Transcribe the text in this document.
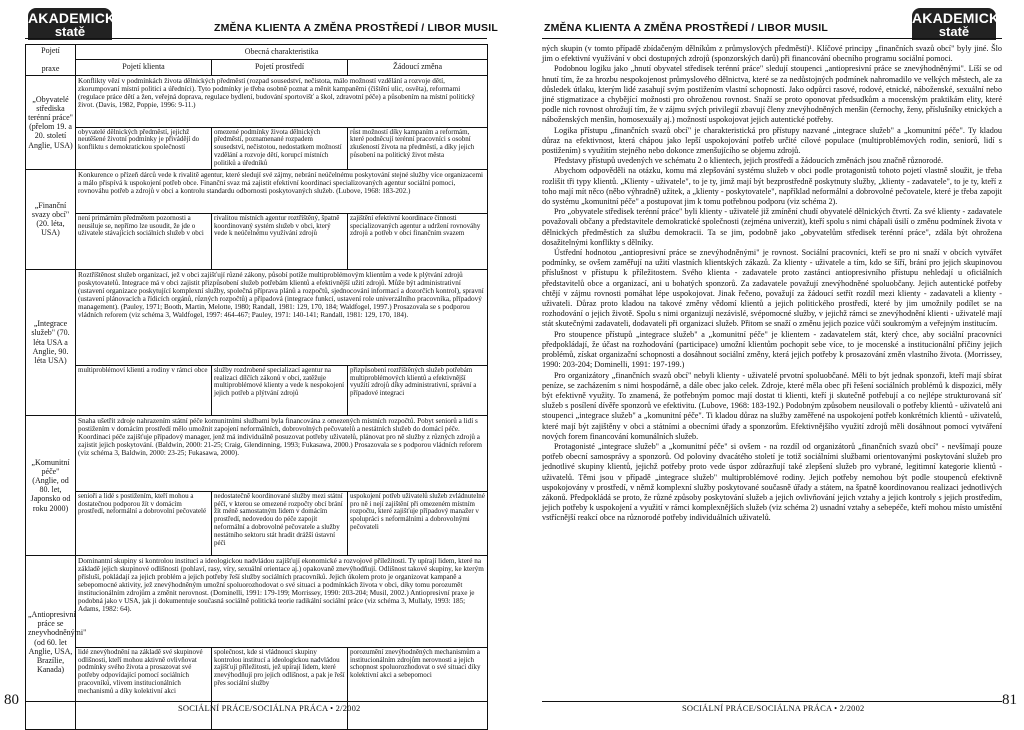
AKADEMICKÉ
statě	ZMĚNA KLIENTA A ZMĚNA PROSTŘEDÍ / LIBOR MUSIL
Pojetí

praxe	Obecná charakteristika		
	Pojetí klienta	Pojetí prostředí	Žádoucí změna
„Obyvatelé střediska terénní práce" (přelom 19. a 20. století Anglie, USA)	Konflikty vězí v podmínkách života dělnických předměstí (rozpad sousedství, nečistota, málo možností vzdělání a rozvoje dětí, zkorumpovaní místní politici a úředníci). Tyto podmínky je třeba osobně poznat a měnit kampaněmi (čištění ulic, osvěta), reformami (regulace práce dětí a žen, veřejná doprava, regulace bydlení, budování sportovišť a škol, zdravotní péče) a působením na místní politický život. (Davis, 1982, Poppie, 1996: 9-11.)		
	obyvatelé dělnických předměstí, jejichž neutěšené životní podmínky je přivádějí do konfliktu s demokratickou společností	omezené podmínky života dělnických předměstí, poznamenané rozpadem sousedství, nečistotou, nedostatkem možností vzdělání a rozvoje dětí, korupcí místních politiků a úředníků	růst možností díky kampaním a reformám, které podněcují terénní pracovníci s osobní zkušeností života na předměstí, a díky jejich působení na politický život města
„Finanční svazy obcí" (20. léta, USA)	Konkurence o přízeň dárců vede k rivalitě agentur, které sledují své zájmy, nebrání neúčelnému poskytování stejné služby více organizacemi a málo přispívá k uspokojení potřeb obce. Finanční svaz má zajistit efektivní koordinaci specializovaných agentur sociální pomoci, rovnováhu potřeb a zdrojů v obci a kontrolu standardu odbornosti poskytovaných služeb. (Lubove, 1968: 183-202.)		
	není primárním předmětem pozornosti a neusiluje se, nepřímo lze usoudit, že jde o uživatele stávajících sociálních služeb v obci	rivalitou místních agentur roztříštěný, špatně koordinovaný systém služeb v obci, který vede k neúčelnému využívání zdrojů	zajištění efektivní koordinace činnosti specializovaných agentur a udržení rovnováhy zdrojů a potřeb v obci finančním svazem
„Integrace služeb" (70. léta USA a Anglie, 90. léta USA)	Roztříštěnost služeb organizací, jež v obci zajišťují různé zákony, působí potíže multiproblémovým klientům a vede k plýtvání zdrojů poskytovatelů. Integrace má v obci zajistit přizpůsobení služeb potřebám klientů a efektivnější užití zdrojů. Může být administrativní (ustavení organizace poskytující komplexní služby, společná příprava plánů a rozpočtů, sjednocování informací a dozorčích kontrol), spravní (ustavení plánovacích a řídicích orgánů, různých rozpočtů) a případová (integrace funkcí, ustavení role univerzálního pracovníka, případový management). (Pauley, 1971; Booth, Martin, Melotte, 1980; Randall, 1981: 129, 170, 184; Waldfogel, 1997.) Prosazovala se s podporou vládních reforem (viz schéma 3, Waldfogel, 1997: 464-467; Pauley, 1971: 140-141; Randall, 1981: 129, 170, 184).		
	multiproblémoví klienti a rodiny v rámci obce	služby rozdrobené specializací agentur na realizaci dílčích zákonů v obci, zatěžuje multiproblémové klienty a vede k nespokojení jejich potřeb a plýtvání zdrojů	přizpůsobení roztříštěných služeb potřebám multiproblémových klientů a efektivnější využití zdrojů díky administrativní, správní a případové integraci
„Komunitní péče" (Anglie, od 80. let, Japonsko od roku 2000)	Snaha ušetřit zdroje nahrazením státní péče komunitními službami byla financována z omezených místních rozpočtů. Pobyt seniorů a lidí s postižením v domácím prostředí mělo umožnit zapojení neformálních, dobrovolných pečovatelů a nestátních služeb do domácí péče. Koordinaci péče zajišťuje případový manager, jenž má individuálně posuzovat potřeby uživatelů, plánovat pro ně služby z různých zdrojů a zajistit jejich poskytování. (Baldwin, 2000: 21-25; Craig, Glendinning, 1993; Fukasawa, 2000.) Prosazovala se s podporou vládních reforem (viz schéma 3, Baldwin, 2000: 23-25; Fukasawa, 2000).		
	senioři a lidé s postižením, kteří mohou a dostatečnou podporou žít v domácím prostředí, neformální a dobrovolní pečovatelé	nedostatečně koordinované služby mezi státní péčí, v kterou se omezené rozpočty obcí brání žít méně samostatným lidem v domácím prostředí, nedovedou do péče zapojit neformální a dobrovolné pečovatele a služby nestátního sektoru stát hradit drážší ústavní péči	uspokojení potřeb uživatelů služeb zvládnutelné pro ně i nejí zajištění při omezeném místním rozpočtu, které zajišťuje případový manažer v spolupráci s neformálními a dobrovolnými pečovateli
„Antiopresivní práce se zneyvhodněnými" (od 60. let Anglie, USA, Brazílie, Kanada)	Dominantní skupiny si kontrolou institucí a ideologickou nadvládou zajišťují ekonomické a rozvojové příležitosti. Ty upírají lidem, které na základě jejich skupinové odlišnosti (pohlaví, rasy, víry, sexuální orientace aj.) opakovaně znevýhodňují. Odlišnost takové skupiny, ke kterým přísluší, pokládají za jejich problém a jejich potřeby řeší služby sociálních pracovníků. Jejich úkolem proto je organizovat kampaně a sebepomocné aktivity, jež znevýhodněným umožní spoluorozhodovat o své situaci a podmínkách života v obci, díky tomu porozumět institucionálním zdrojům a změnit nerovnost. (Dominelli, 1991: 179-199; Morrissey, 1990: 203-204; Musil, 2002.) Antiopresivní praxe je podobná jako v USA, jak ji dokumentuje současná sociálně politická teorie radikální sociální práce (viz schéma 3, Mullaly, 1993: 185; Adams, 1982: 64).		
	lidé znevýhodnění na základě své skupinové odlišnosti, kteří mohou aktivně ovlivňovat podmínky svého života a prosazovat své potřeby odpovídající pomocí sociálních pracovníků, vlivem institucionálních mechanismů a díky kolektivní akci	společnost, kde si vládnoucí skupiny kontrolou institucí a ideologickou nadvládou zajišťují příležitosti, jež upírají lidem, které znevýhodňují pro jejich odlišnost, a pak je řeší přes sociální služby	porozumění znevýhodněných mechanismům a institucionálním zdrojům nerovnosti a jejich schopnost spoluorozhodovat o své situaci díky kolektivní akci a sebepomoci
80	SOCIÁLNÍ PRÁCE/SOCIÁLNA PRÁCA • 2/2002
ZMĚNA KLIENTA A ZMĚNA PROSTŘEDÍ / LIBOR MUSIL
AKADEMICKÉ
statě

ných skupin (v tomto případě zbídačeným dělníkům z průmyslových předměstí)¹. Klíčové principy „finančních svazů obcí" byly jiné. Šlo jim o efektivní využívání v obci dostupných zdrojů (sponzorských darů) při financování obecního programu sociální pomoci.

Podobnou logiku jako „hnutí obyvatel středisek terénní práce" sledují stoupenci „antiopresivní práce se znevýhodněnými". Líší se od hnutí tím, že za hrozbu nespokojenost průmyslového dělnictva, které se za nedůstojných podmínek nahromadilo ve velkých městech, ale za důsledek útlaku, kterým lidé zasahují svým postižením vlastní schopností. Jako odpůrci rasové, rodové, etnické, náboženské, sexuální nebo jiné stigmatizace a chybějící možnosti pro ohroženou rovnost. Snaží se proto oponovat předsudkům a mocenským praktikám elity, které podle nich rovnost ohrožují tím, že v zájmu svých privilegií zbavují členy znevýhodněných menšin (černochy, ženy, příslušníky etnických a náboženských menšin, homosexuály aj.) možností uspokojovat jejich autentické potřeby.

Logika přístupu „finančních svazů obcí" je charakteristická pro přístupy nazvané „integrace služeb" a „komunitní péče". Ty kladou důraz na efektivnost, která chápou jako lepší uspokojování potřeb určité cílové populace (multiproblémových rodin, seniorů, lidí s postižením) s využitím stejného nebo dokonce zmenšujícího se objemu zdrojů.

Představy přístupů uvedených ve schématu 2 o klientech, jejich prostředí a žádoucích změnách jsou značně různorodé.

Abychom odpověděli na otázku, komu má zlepšování systému služeb v obci podle protagonistů tohoto pojetí vlastně sloužit, je třeba rozlišit tři typy klientů. „Klienty - uživatele", to je ty, jimž mají být bezprostředně poskytnuty služby, „klienty - zadavatele", to je ty, kteří z toho mají mít něco (něbo výhradně) užitek, a „klienty - poskytovatele", například neformální a dobrovolné pečovatele, které je třeba zapojit do systému „komunitní péče" a postupovat jim k tomu potřebnou podporu (viz schéma 2).

Pro „obyvatele středisek terénní práce" byli klienty - uživatelé již zmínění chudí obyvatelé dělnických čtvrtí. Za své klienty - zadavatele považovali občany a představitele demokratické společnosti (zejména univerzit), kteří spolu s nimi chápali úsilí o změnu podmínek života v dělnických předměstích za službu demokracii. Ta se jim, podobně jako „obyvatelům středisek terénní práce", zdála být ohrožena dosažitelnými konflikty s dělníky.

Ústřední hodnotou „antiopresivní práce se znevýhodněnými" je rovnost. Sociální pracovníci, kteří se pro ni snaží v obcích vytvářet podmínky, se ovšem zaměřují na užití vlastních klientských zákazů. Za klienty - uživatele a tím, kdo se šíří, brání pro jejich skupinovou příslušnost v přístupu k příležitostem. Svého klienta - zadavatele proto zastánci antiopresivního přístupu nehledají u oficiálních představitelů obce a organizací, ani u bohatých sponzorů. Za zadavatele považují znevýhodněné spoluobčany. Jejich autentické potřeby chtějí v zájmu rovnosti pomáhat lépe uspokojovat. Jinak řečeno, považují za žádoucí setřít rozdíl mezi klienty - zadavateli a klienty - uživateli. Důraz proto kladou na takové změny vědomí klientů a jejich politického prostředí, které by jim umožnily podílet se na rozhodování o jejich životě. Spolu s nimi organizují nezávislé, svépomocné služby, v jejichž rámci se znevýhodnění klienti - uživatelé mají stát skutečnými zadavateli, dodavateli při organizaci služeb. Přitom se snaží o změnu jejich pozice vůči soukromým a veřejným institucím.

Pro stoupence přístupů „integrace služeb" a „komunitní péče" je klientem - zadavatelem stát, který chce, aby sociální pracovníci předpokládají, že účast na rozhodování (participace) umožní klientům pochopit sebe více, to je mocenské a institucionální příčiny jejich problémů, získat organizační schopnosti a dosáhnout sociální změny, která jejich potřeby k prosazování změn vlastního života. (Morrissey, 1990: 203-204; Dominelli, 1991: 197-199.)

Pro organizátory „finančních svazů obcí" nebyli klienty - uživatelé prvotní spoluobčané. Měli to být jednak sponzoři, kteří mají sbírat peníze, se zacházením s nimi hospodárně, a dále obec jako celek. Zdroje, které měla obec při řešení sociálních problémů k dispozici, měly být efektivně využity. To znamená, že potřebným pomoc mají dostat ti klienti, kteří ji skutečně potřebují a co nejlépe strukturovaná síť služeb s posílení dívěře sponzorů ve efektivitu. (Lubove, 1968: 183-192.) Podobným způsobem neusilovali o potřeby klientů - uživatelů ani stoupenci „integrace služeb" a „komunitní péče". Ti kladou důraz na služby zaměřené na uspokojení potřeb konkrétních klientů - uživatelů, které mají být zajištěny v obci a státními a obecními úřady a sponzorům. Efektivnějšího využití zdrojů měli dosáhnout pomocí vytváření nových forem financování komunálních služeb.

Protagonisté „integrace služeb" a „komunitní péče" si ovšem - na rozdíl od organizátorů „finančních svazů obcí" - nevšímají pouze potřeb obecní samosprávy a sponzorů. Od poloviny dvacátého století je totiž sociálními službami orientovanými poskytování služeb pro jednotlivé skupiny klientů, jejichž potřeby proto vede úspor zdůrazňují také zlepšení služeb pro vybrané, legitimní kategorie klientů - uživatelů. Těmi jsou v případě „integrace služeb" multiproblémové rodiny. Jejich potřeby nemohou být podle stoupenců efektivně uspokojovány v prostředí, v němž komplexní služby poskytované současně úřady a státem, na špatně koordinovanou realizaci jednotlivých zákonů. Předpokládá se proto, že různé způsoby poskytování služeb a jejich ovlivňování jejich vztahy a jejich kontroly s jejich prostředím, jejich potřeby k uspokojení a využití v rámci komplexnějších služeb (viz schéma 2) usnadní vztahy a sebepéče, kteří mohou místo umístění vstřícnější reakcí obce na různorodé potřeby individuálních uživatelů.

SOCIÁLNÍ PRÁCE/SOCIÁLNA PRÁCA • 2/2002	81
